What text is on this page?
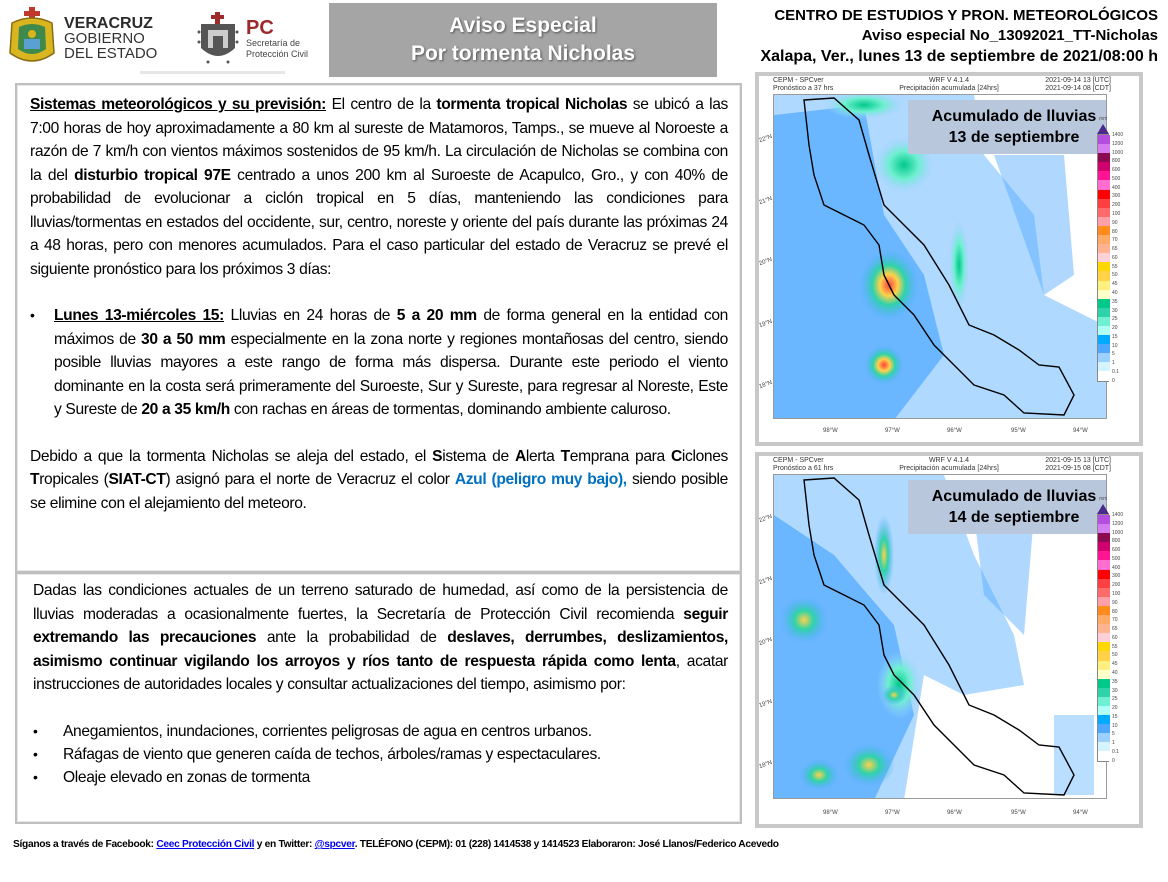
VERACRUZ
GOBIERNO
DEL ESTADO
PC
Secretaría de
Protección Civil
Aviso Especial
Por tormenta Nicholas
CENTRO DE ESTUDIOS Y PRON. METEOROLÓGICOS
Aviso especial No_13092021_TT-Nicholas
Xalapa, Ver., lunes 13 de septiembre de 2021/08:00 h

Sistemas meteorológicos y su previsión: El centro de la tormenta tropical Nicholas se ubicó a las 7:00 horas de hoy aproximadamente a 80 km al sureste de Matamoros, Tamps., se mueve al Noroeste a razón de 7 km/h con vientos máximos sostenidos de 95 km/h. La circulación de Nicholas se combina con la del disturbio tropical 97E centrado a unos 200 km al Suroeste de Acapulco, Gro., y con 40% de probabilidad de evolucionar a ciclón tropical en 5 días, manteniendo las condiciones para lluvias/tormentas en estados del occidente, sur, centro, noreste y oriente del país durante las próximas 24 a 48 horas, pero con menores acumulados. Para el caso particular del estado de Veracruz se prevé el siguiente pronóstico para los próximos 3 días:

•	Lunes 13-miércoles 15: Lluvias en 24 horas de 5 a 20 mm de forma general en la entidad con máximos de 30 a 50 mm especialmente en la zona norte y regiones montañosas del centro, siendo posible lluvias mayores a este rango de forma más dispersa. Durante este periodo el viento dominante en la costa será primeramente del Suroeste, Sur y Sureste, para regresar al Noreste, Este y Sureste de 20 a 35 km/h con rachas en áreas de tormentas, dominando ambiente caluroso.

Debido a que la tormenta Nicholas se aleja del estado, el Sistema de Alerta Temprana para Ciclones Tropicales (SIAT-CT) asignó para el norte de Veracruz el color Azul (peligro muy bajo), siendo posible se elimine con el alejamiento del meteoro.

Dadas las condiciones actuales de un terreno saturado de humedad, así como de la persistencia de lluvias moderadas a ocasionalmente fuertes, la Secretaría de Protección Civil recomienda seguir extremando las precauciones ante la probabilidad de deslaves, derrumbes, deslizamientos, asimismo continuar vigilando los arroyos y ríos tanto de respuesta rápida como lenta, acatar instrucciones de autoridades locales y consultar actualizaciones del tiempo, asimismo por:

•	Anegamientos, inundaciones, corrientes peligrosas de agua en centros urbanos.
•	Ráfagas de viento que generen caída de techos, árboles/ramas y espectaculares.
•	Oleaje elevado en zonas de tormenta
CEPM - SPCver
Pronóstico a 37 hrs
WRF V 4.1.4
Precipitación acumulada [24hrs]
2021-09-14 13 [UTC]
2021-09-14 08 [CDT]
Acumulado de lluvias
13 de septiembre
22°N
21°N
20°N
19°N
18°N
98°W	97°W	96°W	95°W	94°W
mm
1400
1200
1000
800
600
500
400
300
200
100
90
80
70
65
60
55
50
45
40
35
30
25
20
15
10
5
1
0.1
0
CEPM - SPCver
Pronóstico a 61 hrs
WRF V 4.1.4
Precipitación acumulada [24hrs]
2021-09-15 13 [UTC]
2021-09-15 08 [CDT]
Acumulado de lluvias
14 de septiembre
22°N
21°N
20°N
19°N
18°N
98°W	97°W	96°W	95°W	94°W
mm
1400
1200
1000
800
600
500
400
300
200
100
90
80
70
65
60
55
50
45
40
35
30
25
20
15
10
5
1
0.1
0
Síganos a través de Facebook: Ceec Protección Civil y en Twitter: @spcver. TELÉFONO (CEPM): 01 (228) 1414538 y 1414523 Elaboraron: José Llanos/Federico Acevedo
